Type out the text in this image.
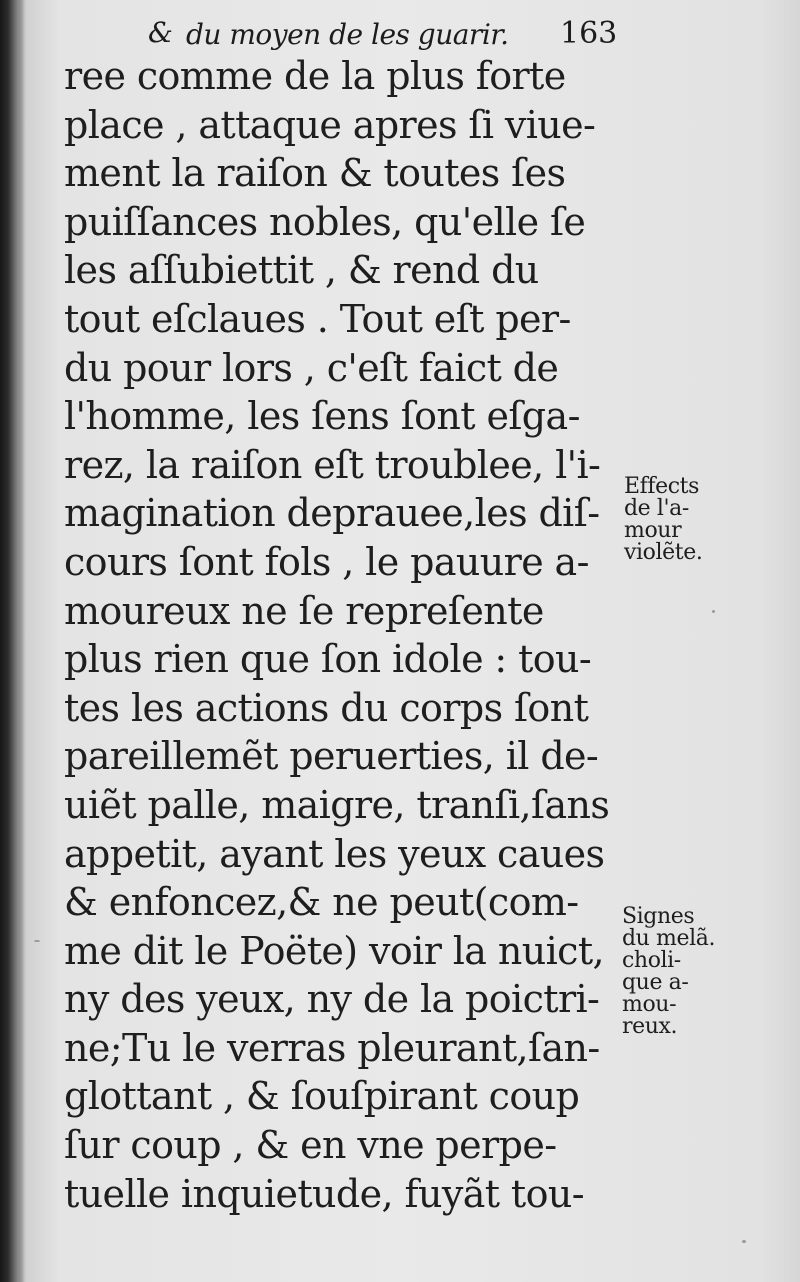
& du moyen de les guarir. 163
ree comme de la plus forte
place , attaque apres ſi viue-
ment la raiſon & toutes ſes
puiſſances nobles, qu'elle ſe
les aſſubiettit , & rend du
tout eſclaues . Tout eſt per-
du pour lors , c'eſt faict de
l'homme, les ſens ſont eſga-
rez, la raiſon eſt troublee, l'i-
magination deprauee,les diſ-
cours ſont fols , le pauure a-
moureux ne ſe repreſente
plus rien que ſon idole : tou-
tes les actions du corps ſont
pareillemẽt peruerties, il de-
uiẽt palle, maigre, tranſi,ſans
appetit, ayant les yeux caues
& enfoncez,& ne peut(com-
me dit le Poëte) voir la nuict,
ny des yeux, ny de la poictri-
ne;Tu le verras pleurant,ſan-
glottant , & ſouſpirant coup
ſur coup , & en vne perpe-
tuelle inquietude, fuyãt tou-
Effects
de l'a-
mour
violẽte.
Signes
du melã.
choli-
que a-
mou-
reux.
